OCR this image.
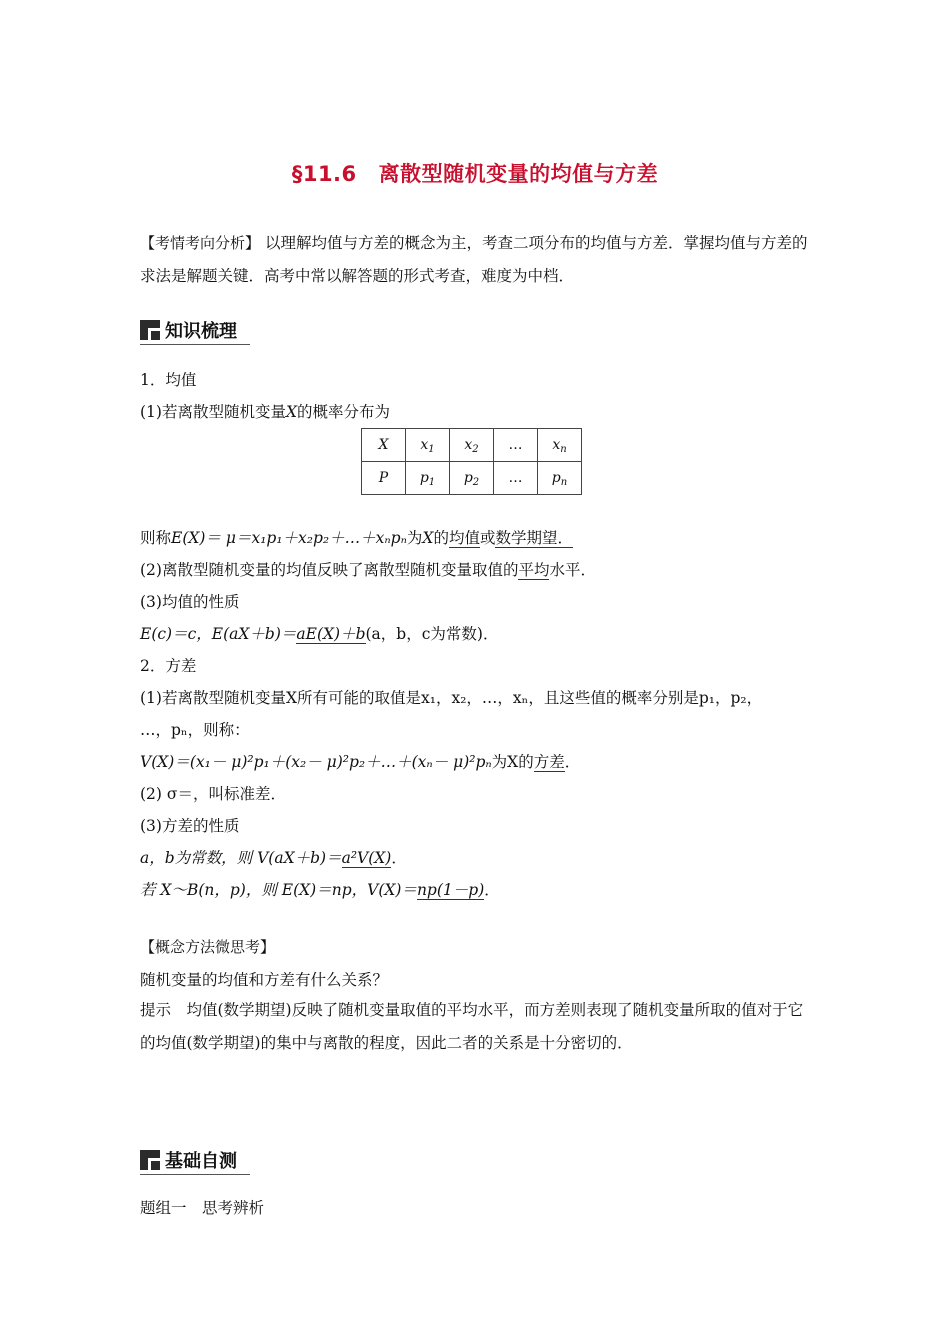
§11.6 离散型随机变量的均值与方差
【考情考向分析】 以理解均值与方差的概念为主，考查二项分布的均值与方差．掌握均值与方差的求法是解题关键．高考中常以解答题的形式考查，难度为中档．
知识梳理
1．均值
(1)若离散型随机变量X的概率分布为
X	$x_1$	$x_2$	…	$x_n$
P	$p_1$	$p_2$	…	$p_n$
则称E(X)＝ μ＝x₁p₁＋x₂p₂＋…＋xₙpₙ为X的均值或数学期望．
(2)离散型随机变量的均值反映了离散型随机变量取值的平均水平．
(3)均值的性质
E(c)＝c，E(aX＋b)＝aE(X)＋b(a，b，c为常数)．
2．方差
(1)若离散型随机变量X所有可能的取值是x₁，x₂，…，xₙ，且这些值的概率分别是p₁，p₂，
…，pₙ，则称：
V(X)＝(x₁－ μ)²p₁＋(x₂－ μ)²p₂＋…＋(xₙ－ μ)²pₙ为X的方差．
(2) σ＝，叫标准差．
(3)方差的性质
a，b为常数，则 V(aX＋b)＝a²V(X)．
若 X～B(n，p)，则 E(X)＝np，V(X)＝np(1－p)．
【概念方法微思考】
随机变量的均值和方差有什么关系？
提示　均值(数学期望)反映了随机变量取值的平均水平，而方差则表现了随机变量所取的值对于它的均值(数学期望)的集中与离散的程度，因此二者的关系是十分密切的．
基础自测
题组一　思考辨析
